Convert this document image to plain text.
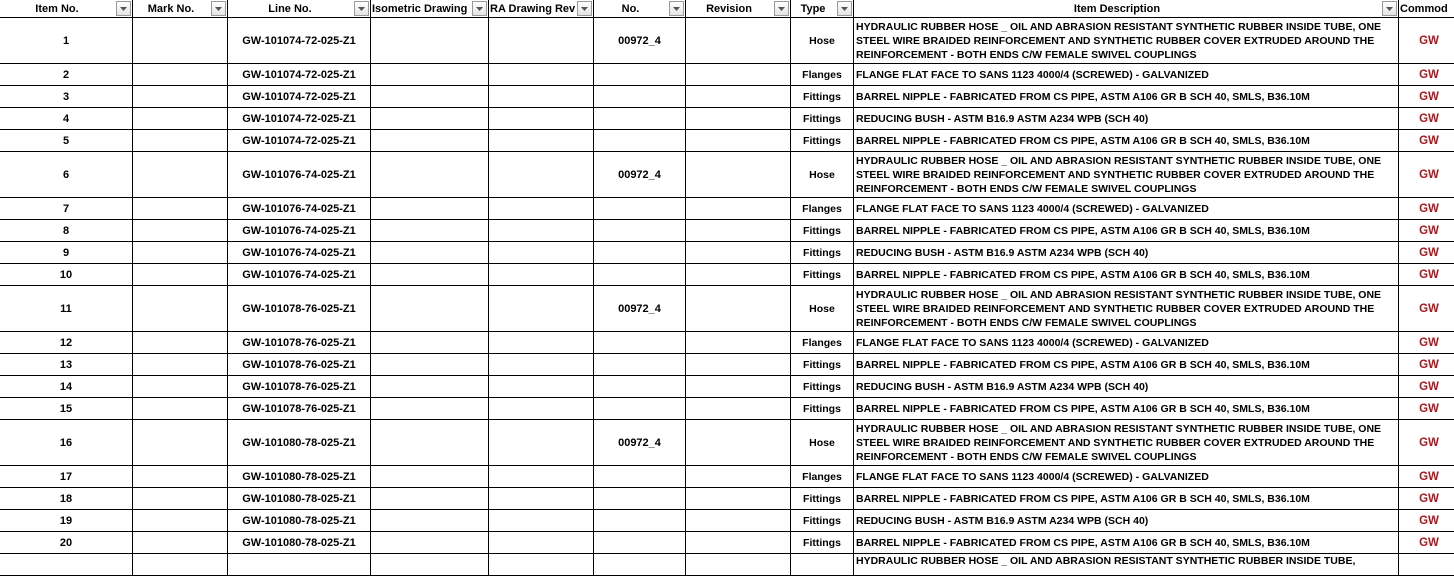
Item No.	Mark No.	Line No.	Isometric Drawing	RA Drawing Rev	No.	Revision	Type	Item Description	Commod

1		GW-101074-72-025-Z1			00972_4		Hose	HYDRAULIC RUBBER HOSE _ OIL AND ABRASION RESISTANT SYNTHETIC RUBBER INSIDE TUBE, ONE STEEL WIRE BRAIDED REINFORCEMENT AND SYNTHETIC RUBBER COVER EXTRUDED AROUND THE REINFORCEMENT - BOTH ENDS C/W FEMALE SWIVEL COUPLINGS	GW
2		GW-101074-72-025-Z1					Flanges	FLANGE FLAT FACE TO SANS 1123 4000/4 (SCREWED) - GALVANIZED	GW
3		GW-101074-72-025-Z1					Fittings	BARREL NIPPLE - FABRICATED FROM CS PIPE, ASTM A106 GR B SCH 40, SMLS, B36.10M	GW
4		GW-101074-72-025-Z1					Fittings	REDUCING BUSH - ASTM B16.9 ASTM A234 WPB (SCH 40)	GW
5		GW-101074-72-025-Z1					Fittings	BARREL NIPPLE - FABRICATED FROM CS PIPE, ASTM A106 GR B SCH 40, SMLS, B36.10M	GW
6		GW-101076-74-025-Z1			00972_4		Hose	HYDRAULIC RUBBER HOSE _ OIL AND ABRASION RESISTANT SYNTHETIC RUBBER INSIDE TUBE, ONE STEEL WIRE BRAIDED REINFORCEMENT AND SYNTHETIC RUBBER COVER EXTRUDED AROUND THE REINFORCEMENT - BOTH ENDS C/W FEMALE SWIVEL COUPLINGS	GW
7		GW-101076-74-025-Z1					Flanges	FLANGE FLAT FACE TO SANS 1123 4000/4 (SCREWED) - GALVANIZED	GW
8		GW-101076-74-025-Z1					Fittings	BARREL NIPPLE - FABRICATED FROM CS PIPE, ASTM A106 GR B SCH 40, SMLS, B36.10M	GW
9		GW-101076-74-025-Z1					Fittings	REDUCING BUSH - ASTM B16.9 ASTM A234 WPB (SCH 40)	GW
10		GW-101076-74-025-Z1					Fittings	BARREL NIPPLE - FABRICATED FROM CS PIPE, ASTM A106 GR B SCH 40, SMLS, B36.10M	GW
11		GW-101078-76-025-Z1			00972_4		Hose	HYDRAULIC RUBBER HOSE _ OIL AND ABRASION RESISTANT SYNTHETIC RUBBER INSIDE TUBE, ONE STEEL WIRE BRAIDED REINFORCEMENT AND SYNTHETIC RUBBER COVER EXTRUDED AROUND THE REINFORCEMENT - BOTH ENDS C/W FEMALE SWIVEL COUPLINGS	GW
12		GW-101078-76-025-Z1					Flanges	FLANGE FLAT FACE TO SANS 1123 4000/4 (SCREWED) - GALVANIZED	GW
13		GW-101078-76-025-Z1					Fittings	BARREL NIPPLE - FABRICATED FROM CS PIPE, ASTM A106 GR B SCH 40, SMLS, B36.10M	GW
14		GW-101078-76-025-Z1					Fittings	REDUCING BUSH - ASTM B16.9 ASTM A234 WPB (SCH 40)	GW
15		GW-101078-76-025-Z1					Fittings	BARREL NIPPLE - FABRICATED FROM CS PIPE, ASTM A106 GR B SCH 40, SMLS, B36.10M	GW
16		GW-101080-78-025-Z1			00972_4		Hose	HYDRAULIC RUBBER HOSE _ OIL AND ABRASION RESISTANT SYNTHETIC RUBBER INSIDE TUBE, ONE STEEL WIRE BRAIDED REINFORCEMENT AND SYNTHETIC RUBBER COVER EXTRUDED AROUND THE REINFORCEMENT - BOTH ENDS C/W FEMALE SWIVEL COUPLINGS	GW
17		GW-101080-78-025-Z1					Flanges	FLANGE FLAT FACE TO SANS 1123 4000/4 (SCREWED) - GALVANIZED	GW
18		GW-101080-78-025-Z1					Fittings	BARREL NIPPLE - FABRICATED FROM CS PIPE, ASTM A106 GR B SCH 40, SMLS, B36.10M	GW
19		GW-101080-78-025-Z1					Fittings	REDUCING BUSH - ASTM B16.9 ASTM A234 WPB (SCH 40)	GW
20		GW-101080-78-025-Z1					Fittings	BARREL NIPPLE - FABRICATED FROM CS PIPE, ASTM A106 GR B SCH 40, SMLS, B36.10M	GW
								HYDRAULIC RUBBER HOSE _ OIL AND ABRASION RESISTANT SYNTHETIC RUBBER INSIDE TUBE,	
